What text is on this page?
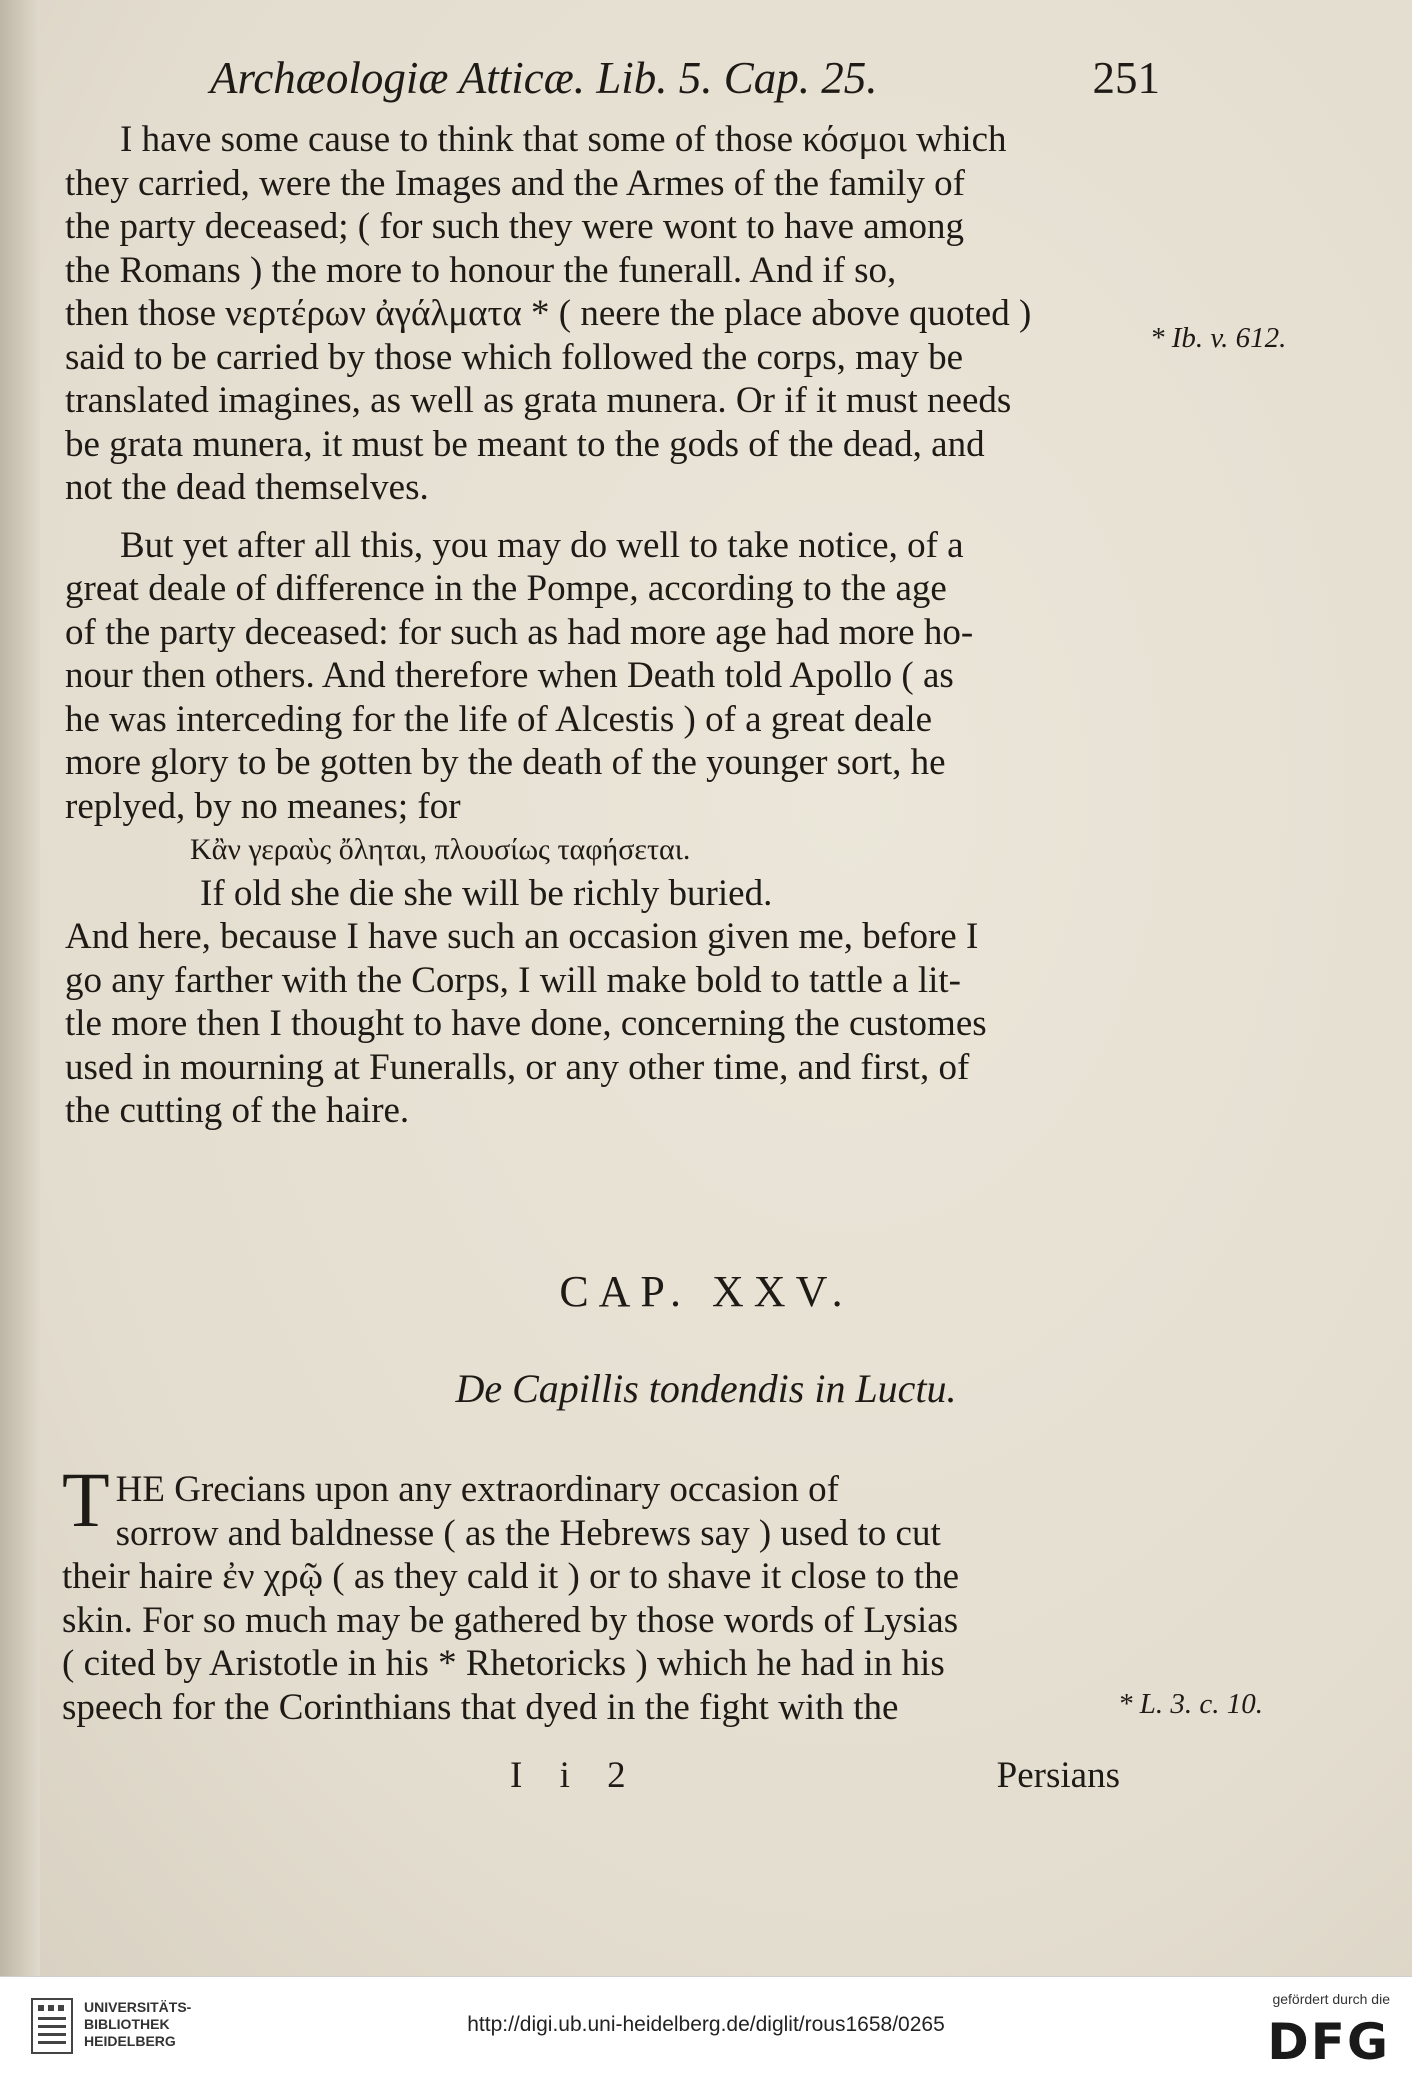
Archæologiæ Atticæ. Lib. 5. Cap. 25.	251
I have some cause to think that some of those κόσμοι which
they carried, were the Images and the Armes of the family of
the party deceased; ( for such they were wont to have among
the Romans ) the more to honour the funerall. And if so,
then those νερτέρων ἀγάλματα * ( neere the place above quoted )
said to be carried by those which followed the corps, may be
translated imagines, as well as grata munera. Or if it must needs
be grata munera, it must be meant to the gods of the dead, and
not the dead themselves.
But yet after all this, you may do well to take notice, of a
great deale of difference in the Pompe, according to the age
of the party deceased: for such as had more age had more ho-
nour then others. And therefore when Death told Apollo ( as
he was interceding for the life of Alcestis ) of a great deale
more glory to be gotten by the death of the younger sort, he
replyed, by no meanes; for
Κἂν γεραὺς ὄληται, πλουσίως ταφήσεται.
If old she die she will be richly buried.
And here, because I have such an occasion given me, before I
go any farther with the Corps, I will make bold to tattle a lit-
tle more then I thought to have done, concerning the customes
used in mourning at Funeralls, or any other time, and first, of
the cutting of the haire.
* Ib. v. 612.
* L. 3. c. 10.
CAP. XXV.
De Capillis tondendis in Luctu.
T HE Grecians upon any extraordinary occasion of
sorrow and baldnesse ( as the Hebrews say ) used to cut
their haire ἐν χρῷ ( as they cald it ) or to shave it close to the
skin. For so much may be gathered by those words of Lysias
( cited by Aristotle in his * Rhetoricks ) which he had in his
speech for the Corinthians that dyed in the fight with the
I i 2	Persians
UNIVERSITÄTS-
BIBLIOTHEK
HEIDELBERG
http://digi.ub.uni-heidelberg.de/diglit/rous1658/0265
gefördert durch die
DFG
